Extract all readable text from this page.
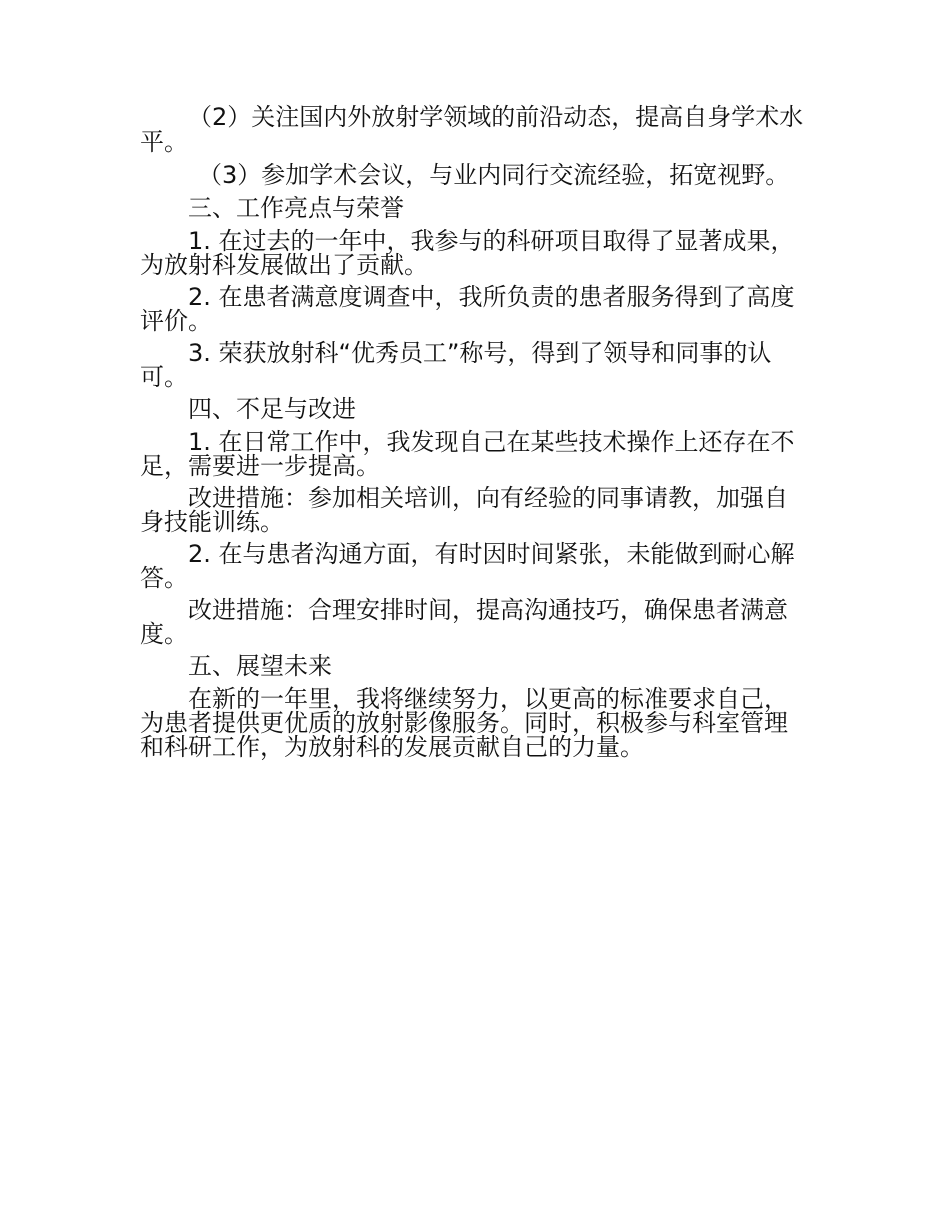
（2）关注国内外放射学领域的前沿动态，提高自身学术水平。

（3）参加学术会议，与业内同行交流经验，拓宽视野。

三、工作亮点与荣誉

1. 在过去的一年中，我参与的科研项目取得了显著成果，为放射科发展做出了贡献。

2. 在患者满意度调查中，我所负责的患者服务得到了高度评价。

3. 荣获放射科“优秀员工”称号，得到了领导和同事的认可。

四、不足与改进

1. 在日常工作中，我发现自己在某些技术操作上还存在不足，需要进一步提高。

改进措施：参加相关培训，向有经验的同事请教，加强自身技能训练。

2. 在与患者沟通方面，有时因时间紧张，未能做到耐心解答。

改进措施：合理安排时间，提高沟通技巧，确保患者满意度。

五、展望未来

在新的一年里，我将继续努力，以更高的标准要求自己，为患者提供更优质的放射影像服务。同时，积极参与科室管理和科研工作，为放射科的发展贡献自己的力量。
